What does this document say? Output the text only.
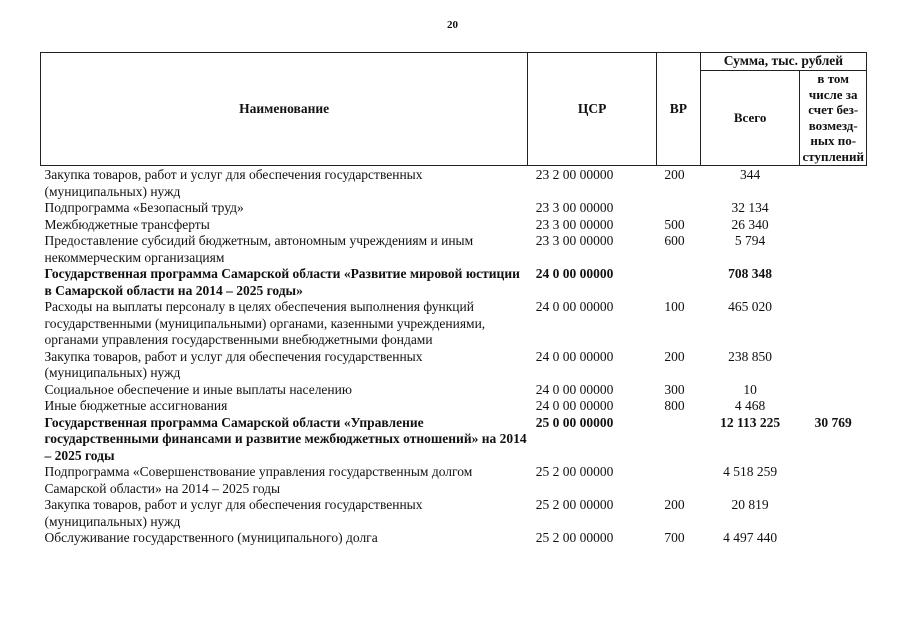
20
Наименование	ЦСР	ВР	Сумма, тыс. рублей	
			Всего	в том числе за счет без-возмезд-ных по-ступлений
Закупка товаров, работ и услуг для обеспечения государственных (муниципальных) нужд	23 2 00 00000	200	344	
Подпрограмма «Безопасный труд»	23 3 00 00000		32 134	
Межбюджетные трансферты	23 3 00 00000	500	26 340	
Предоставление субсидий бюджетным, автономным учреждениям и иным некоммерческим организациям	23 3 00 00000	600	5 794	
Государственная программа Самарской области «Развитие мировой юстиции в Самарской области на 2014 – 2025 годы»	24 0 00 00000		708 348	
Расходы на выплаты персоналу в целях обеспечения выполнения функций государственными (муниципальными) органами, казенными учреждениями, органами управления государственными внебюджетными фондами	24 0 00 00000	100	465 020	
Закупка товаров, работ и услуг для обеспечения государственных (муниципальных) нужд	24 0 00 00000	200	238 850	
Социальное обеспечение и иные выплаты населению	24 0 00 00000	300	10	
Иные бюджетные ассигнования	24 0 00 00000	800	4 468	
Государственная программа Самарской области «Управление государственными финансами и развитие межбюджетных отношений» на 2014 – 2025 годы	25 0 00 00000		12 113 225	30 769
Подпрограмма «Совершенствование управления государственным долгом Самарской области» на 2014 – 2025 годы	25 2 00 00000		4 518 259	
Закупка товаров, работ и услуг для обеспечения государственных (муниципальных) нужд	25 2 00 00000	200	20 819	
Обслуживание государственного (муниципального) долга	25 2 00 00000	700	4 497 440	
